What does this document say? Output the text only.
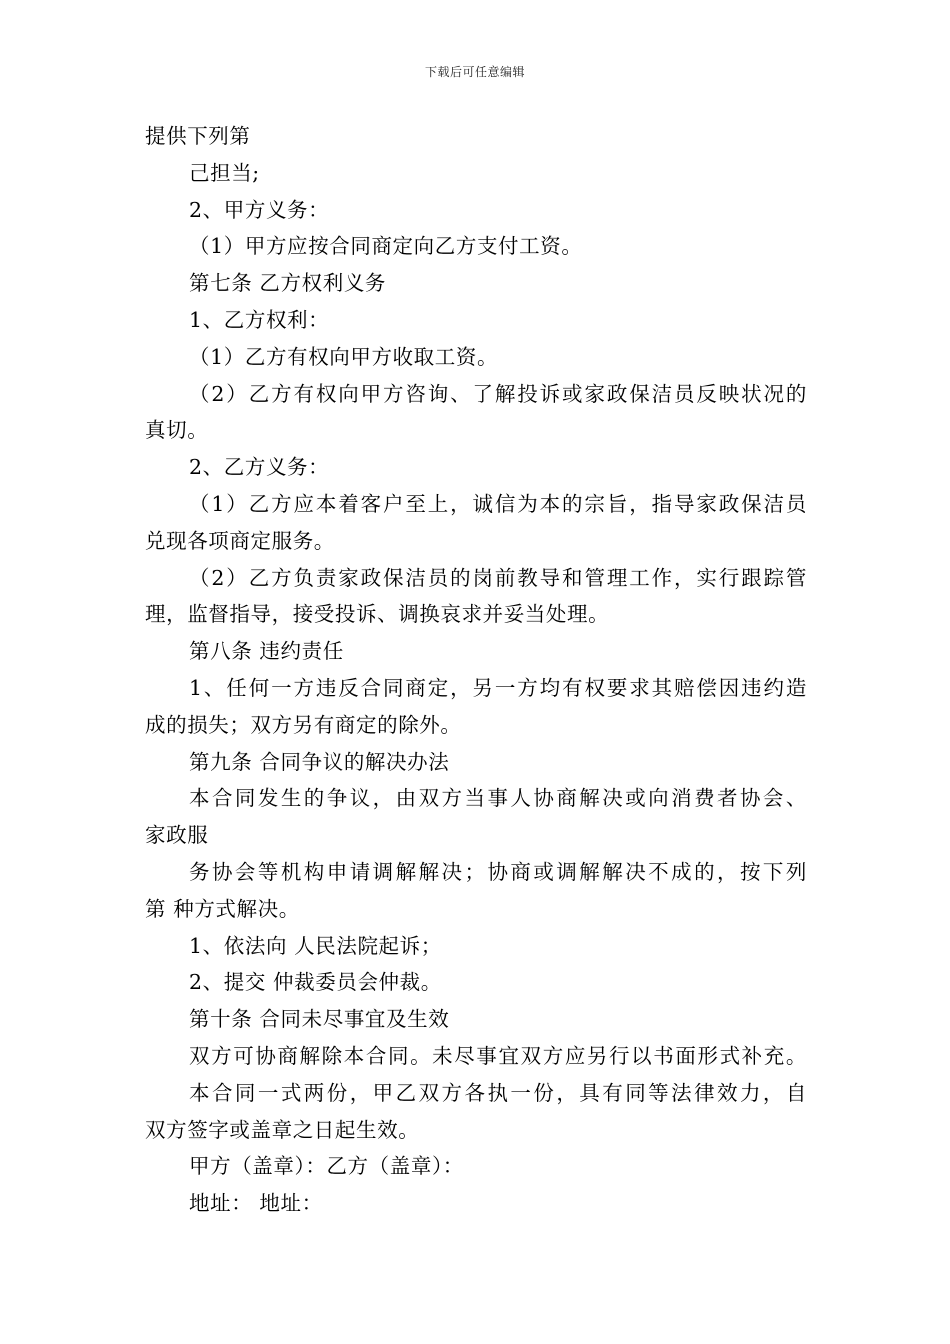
下载后可任意编辑

提供下列第

己担当;

2、甲方义务：

（1）甲方应按合同商定向乙方支付工资。

第七条 乙方权利义务

1、乙方权利：

（1）乙方有权向甲方收取工资。

（2）乙方有权向甲方咨询、了解投诉或家政保洁员反映状况的

真切。

2、乙方义务：

（1）乙方应本着客户至上，诚信为本的宗旨，指导家政保洁员

兑现各项商定服务。

（2）乙方负责家政保洁员的岗前教导和管理工作，实行跟踪管

理，监督指导，接受投诉、调换哀求并妥当处理。

第八条 违约责任

1、任何一方违反合同商定，另一方均有权要求其赔偿因违约造

成的损失；双方另有商定的除外。

第九条 合同争议的解决办法

本合同发生的争议，由双方当事人协商解决或向消费者协会、

家政服

务协会等机构申请调解解决；协商或调解解决不成的，按下列

第 种方式解决。

1、依法向 人民法院起诉；

2、提交 仲裁委员会仲裁。

第十条 合同未尽事宜及生效

双方可协商解除本合同。未尽事宜双方应另行以书面形式补充。

本合同一式两份，甲乙双方各执一份，具有同等法律效力，自

双方签字或盖章之日起生效。

甲方（盖章）：乙方（盖章）：

地址： 地址：
